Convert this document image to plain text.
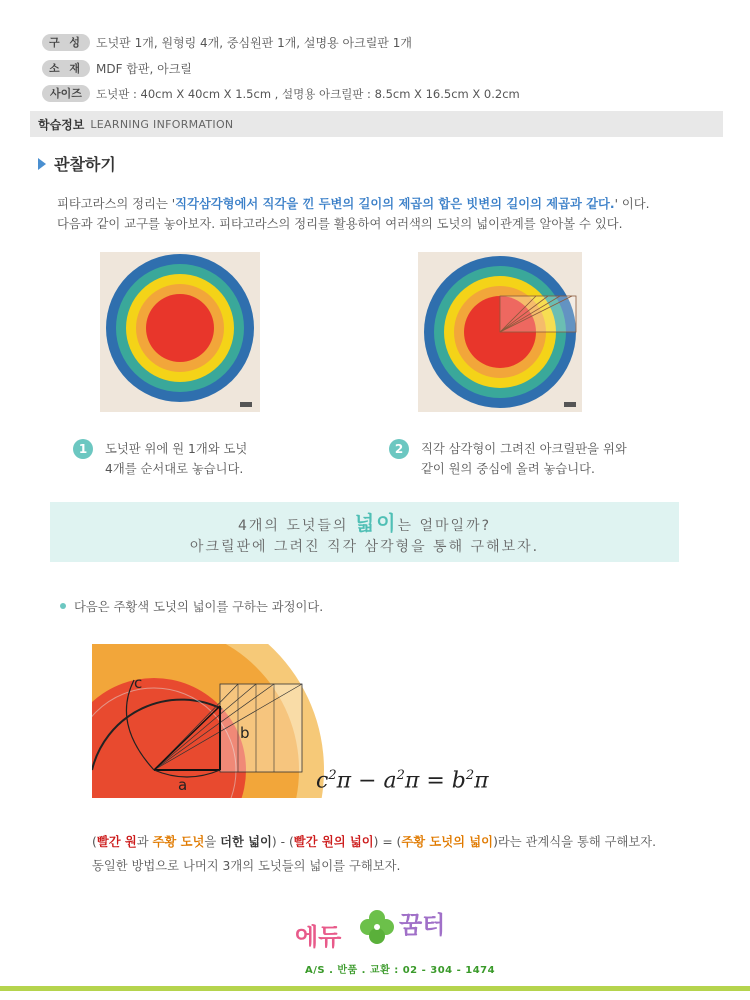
구 성	도넛판 1개, 원형링 4개, 중심원판 1개, 설명용 아크릴판 1개
소 재	MDF 합판, 아크릴
사이즈	도넛판 : 40cm X 40cm X 1.5cm , 설명용 아크릴판 : 8.5cm X 16.5cm X 0.2cm
학습정보 LEARNING INFORMATION
관찰하기
피타고라스의 정리는 '직각삼각형에서 직각을 낀 두변의 길이의 제곱의 합은 빗변의 길이의 제곱과 같다.' 이다.
다음과 같이 교구를 놓아보자. 피타고라스의 정리를 활용하여 여러색의 도넛의 넓이관계를 알아볼 수 있다.
1	도넛판 위에 원 1개와 도넛
4개를 순서대로 놓습니다.
2	직각 삼각형이 그려진 아크릴판을 위와
같이 원의 중심에 올려 놓습니다.
4개의 도넛들의 넓이는 얼마일까?
아크릴판에 그려진 직각 삼각형을 통해 구해보자.
다음은 주황색 도넛의 넓이를 구하는 과정이다.
c
b
a	$c^2\pi - a^2\pi = b^2\pi$
(빨간 원과 주황 도넛을 더한 넓이) - (빨간 원의 넓이) = (주황 도넛의 넓이)라는 관계식을 통해 구해보자.
동일한 방법으로 나머지 3개의 도넛들의 넓이를 구해보자.
에듀 꿈터
A/S . 반품 . 교환 : 02 - 304 - 1474
